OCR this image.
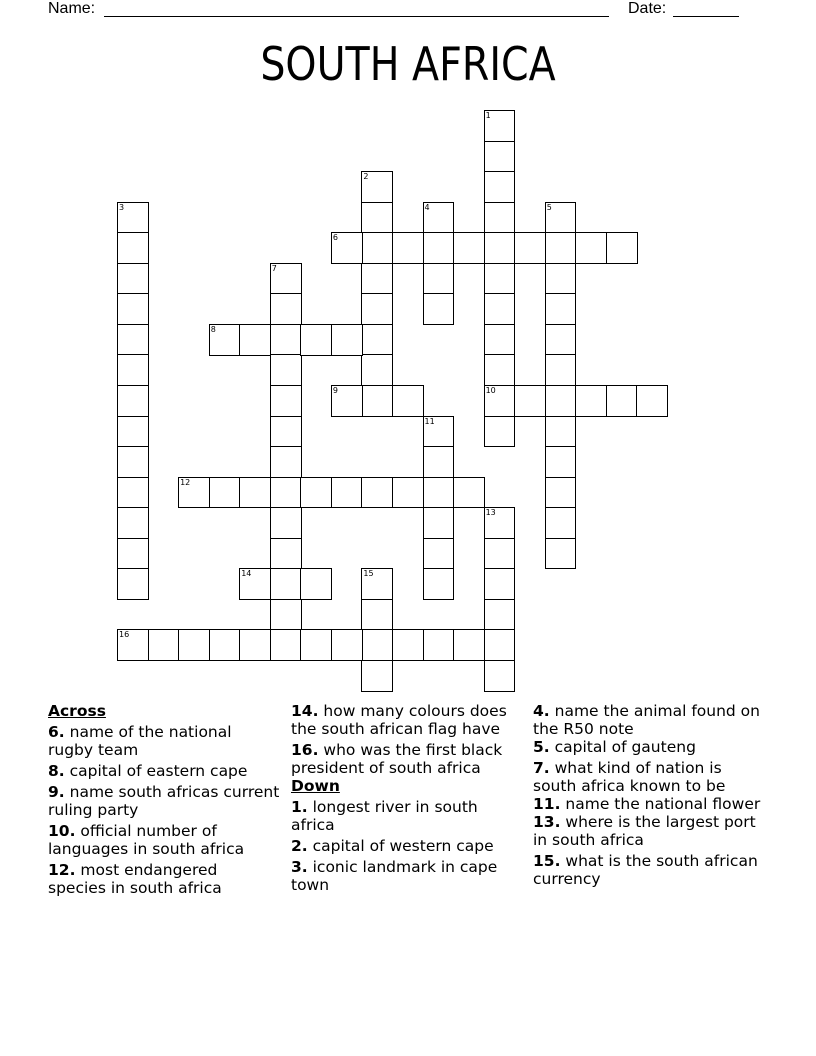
Name:	Date:
SOUTH AFRICA
1
10
2
3	4	5
6
7
8
9
11
12
13
14	15
16
Across
6. name of the national rugby team
8. capital of eastern cape
9. name south africas current ruling party
10. official number of languages in south africa
12. most endangered species in south africa
14. how many colours does the south african flag have
16. who was the first black president of south africa
Down
1. longest river in south africa
2. capital of western cape
3. iconic landmark in cape town
4. name the animal found on the R50 note
5. capital of gauteng
7. what kind of nation is south africa known to be
11. name the national flower
13. where is the largest port in south africa
15. what is the south african currency
